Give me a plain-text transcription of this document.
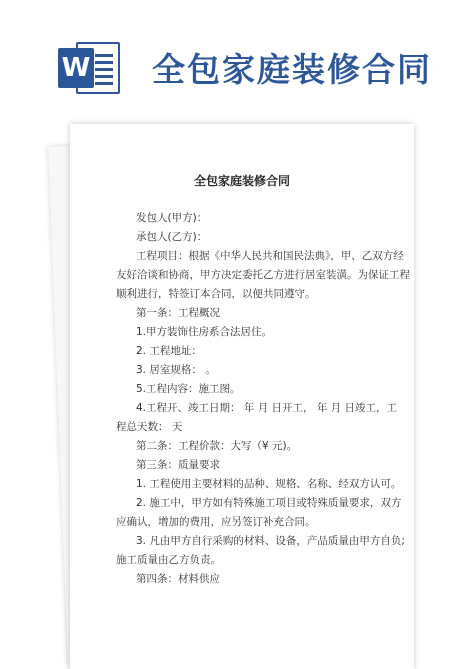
W 全包家庭装修合同
全包家庭装修合同
发包人(甲方)：
承包人(乙方)：
工程项目：根据《中华人民共和国民法典》，甲、乙双方经
友好洽谈和协商，甲方决定委托乙方进行居室装潢。为保证工程
顺利进行，特签订本合同，以便共同遵守。
第一条：工程概况
1.甲方装饰住房系合法居住。
2. 工程地址：
3. 居室规格： 。
5.工程内容：施工图。
4.工程开、竣工日期： 年 月 日开工， 年 月 日竣工，工
程总天数： 天
第二条：工程价款：大写（¥ 元)。
第三条：质量要求
1. 工程使用主要材料的品种、规格、名称、经双方认可。
2. 施工中，甲方如有特殊施工项目或特殊质量要求，双方
应确认，增加的费用，应另签订补充合同。
3. 凡由甲方自行采购的材料、设备，产品质量由甲方自负;
施工质量由乙方负责。
第四条：材料供应
